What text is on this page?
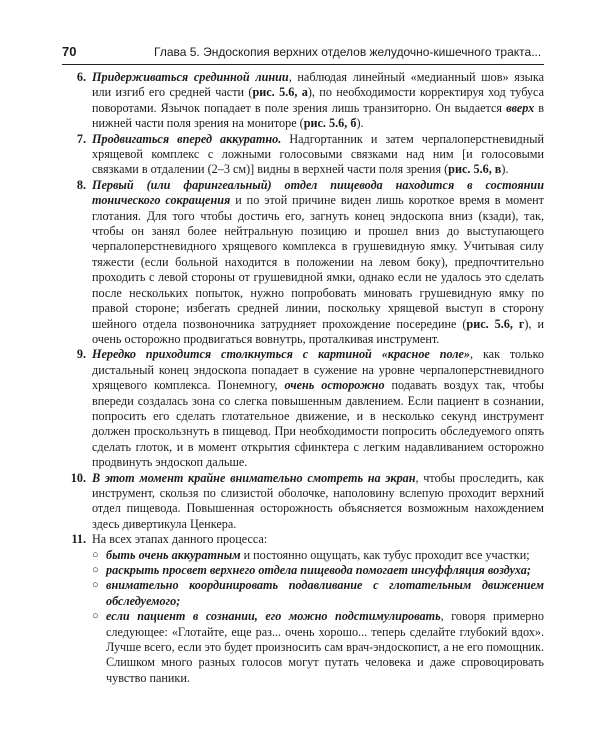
70	Глава 5. Эндоскопия верхних отделов желудочно-кишечного тракта...
6. Придерживаться срединной линии, наблюдая линейный «медианный шов» языка или изгиб его средней части (рис. 5.6, а), по необходимости корректируя ход тубуса поворотами. Язычок попадает в поле зрения лишь транзиторно. Он выдается вверх в нижней части поля зрения на мониторе (рис. 5.6, б).
7. Продвигаться вперед аккуратно. Надгортанник и затем черпалоперстневидный хрящевой комплекс с ложными голосовыми связками над ним [и голосовыми связками в отдалении (2–3 см)] видны в верхней части поля зрения (рис. 5.6, в).
8. Первый (или фарингеальный) отдел пищевода находится в состоянии тонического сокращения и по этой причине виден лишь короткое время в момент глотания. Для того чтобы достичь его, загнуть конец эндоскопа вниз (кзади), так, чтобы он занял более нейтральную позицию и прошел вниз до выступающего черпалоперстневидного хрящевого комплекса в грушевидную ямку. Учитывая силу тяжести (если больной находится в положении на левом боку), предпочтительно проходить с левой стороны от грушевидной ямки, однако если не удалось это сделать после нескольких попыток, нужно попробовать миновать грушевидную ямку по правой стороне; избегать средней линии, поскольку хрящевой выступ в сторону шейного отдела позвоночника затрудняет прохождение посередине (рис. 5.6, г), и очень осторожно продвигаться вовнутрь, проталкивая инструмент.
9. Нередко приходится столкнуться с картиной «красное поле», как только дистальный конец эндоскопа попадает в сужение на уровне черпалоперстневидного хрящевого комплекса. Понемногу, очень осторожно подавать воздух так, чтобы впереди создалась зона со слегка повышенным давлением. Если пациент в сознании, попросить его сделать глотательное движение, и в несколько секунд инструмент должен проскользнуть в пищевод. При необходимости попросить обследуемого опять сделать глоток, и в момент открытия сфинктера с легким надавливанием осторожно продвинуть эндоскоп дальше.
10. В этот момент крайне внимательно смотреть на экран, чтобы проследить, как инструмент, скользя по слизистой оболочке, наполовину вслепую проходит верхний отдел пищевода. Повышенная осторожность объясняется возможным нахождением здесь дивертикула Ценкера.
11. На всех этапах данного процесса:
○ быть очень аккуратным и постоянно ощущать, как тубус проходит все участки;
○ раскрыть просвет верхнего отдела пищевода помогает инсуффляция воздуха;
○ внимательно координировать подавливание с глотательным движением обследуемого;
○ если пациент в сознании, его можно подстимулировать, говоря примерно следующее: «Глотайте, еще раз... очень хорошо... теперь сделайте глубокий вдох». Лучше всего, если это будет произносить сам врач-эндоскопист, а не его помощник. Слишком много разных голосов могут путать человека и даже спровоцировать чувство паники.
